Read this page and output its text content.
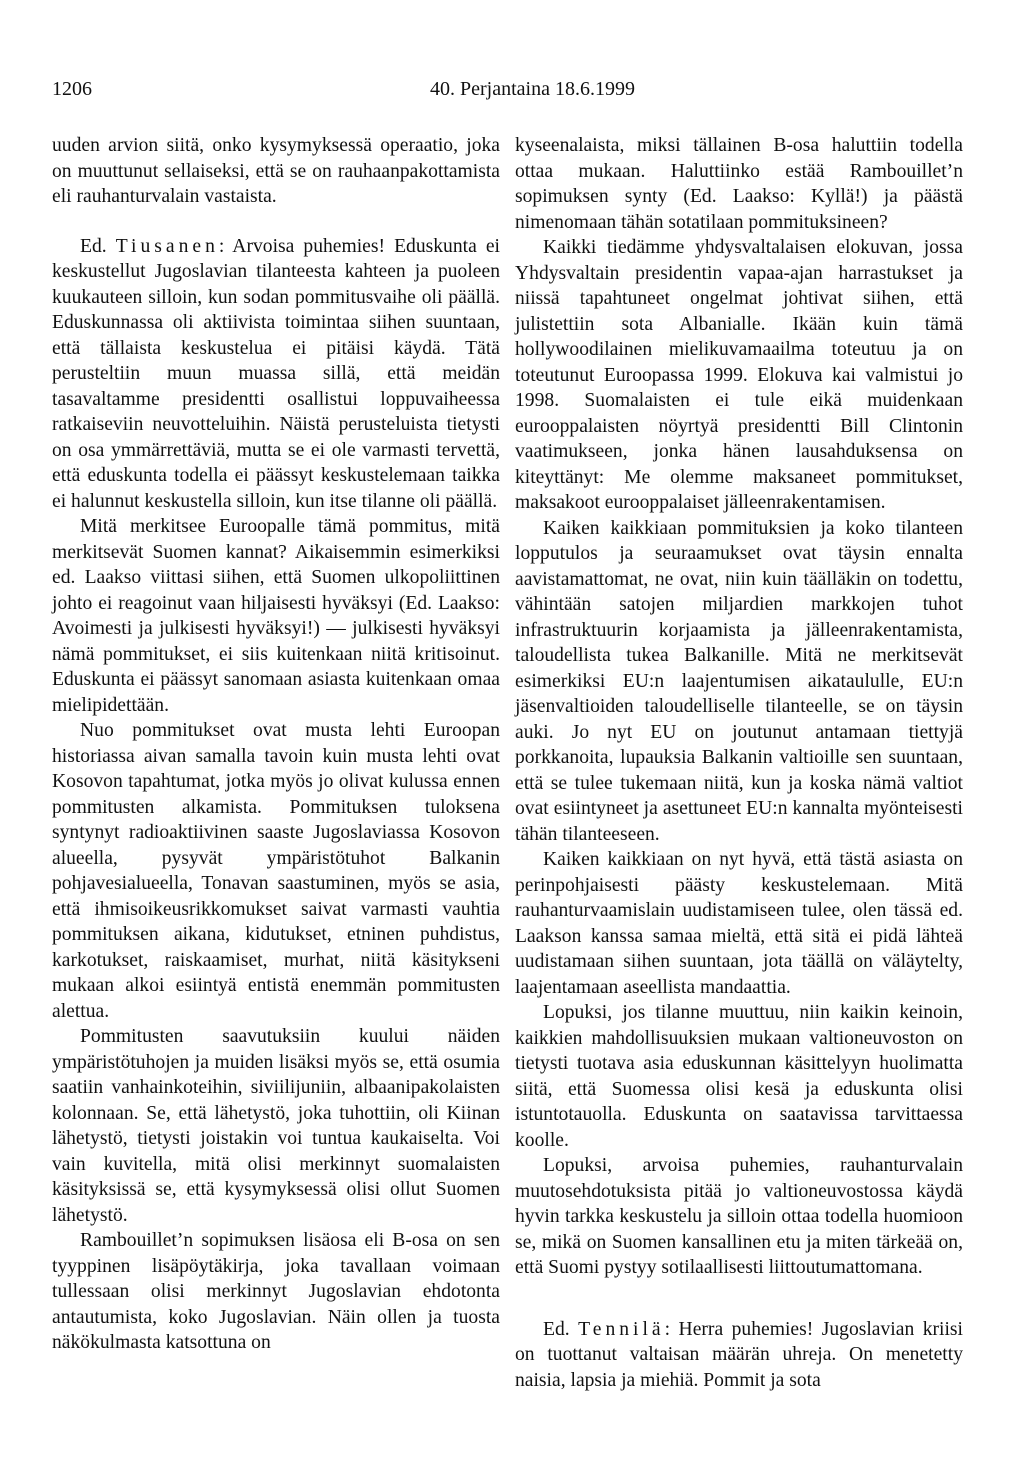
1206	40. Perjantaina 18.6.1999

uuden arvion siitä, onko kysymyksessä operaatio, joka on muuttunut sellaiseksi, että se on rauhaanpakottamista eli rauhanturvalain vastaista.

Ed. Tiusanen: Arvoisa puhemies! Eduskunta ei keskustellut Jugoslavian tilanteesta kahteen ja puoleen kuukauteen silloin, kun sodan pommitusvaihe oli päällä. Eduskunnassa oli aktiivista toimintaa siihen suuntaan, että tällaista keskustelua ei pitäisi käydä. Tätä perusteltiin muun muassa sillä, että meidän tasavaltamme presidentti osallistui loppuvaiheessa ratkaiseviin neuvotteluihin. Näistä perusteluista tietysti on osa ymmärrettäviä, mutta se ei ole varmasti tervettä, että eduskunta todella ei päässyt keskustelemaan taikka ei halunnut keskustella silloin, kun itse tilanne oli päällä.

Mitä merkitsee Euroopalle tämä pommitus, mitä merkitsevät Suomen kannat? Aikaisemmin esimerkiksi ed. Laakso viittasi siihen, että Suomen ulkopoliittinen johto ei reagoinut vaan hiljaisesti hyväksyi (Ed. Laakso: Avoimesti ja julkisesti hyväksyi!) — julkisesti hyväksyi nämä pommitukset, ei siis kuitenkaan niitä kritisoinut. Eduskunta ei päässyt sanomaan asiasta kuitenkaan omaa mielipidettään.

Nuo pommitukset ovat musta lehti Euroopan historiassa aivan samalla tavoin kuin musta lehti ovat Kosovon tapahtumat, jotka myös jo olivat kulussa ennen pommitusten alkamista. Pommituksen tuloksena syntynyt radioaktiivinen saaste Jugoslaviassa Kosovon alueella, pysyvät ympäristötuhot Balkanin pohjavesialueella, Tonavan saastuminen, myös se asia, että ihmisoikeusrikkomukset saivat varmasti vauhtia pommituksen aikana, kidutukset, etninen puhdistus, karkotukset, raiskaamiset, murhat, niitä käsitykseni mukaan alkoi esiintyä entistä enemmän pommitusten alettua.

Pommitusten saavutuksiin kuului näiden ympäristötuhojen ja muiden lisäksi myös se, että osumia saatiin vanhainkoteihin, siviilijuniin, albaanipakolaisten kolonnaan. Se, että lähetystö, joka tuhottiin, oli Kiinan lähetystö, tietysti joistakin voi tuntua kaukaiselta. Voi vain kuvitella, mitä olisi merkinnyt suomalaisten käsityksissä se, että kysymyksessä olisi ollut Suomen lähetystö.

Rambouillet’n sopimuksen lisäosa eli B-osa on sen tyyppinen lisäpöytäkirja, joka tavallaan voimaan tullessaan olisi merkinnyt Jugoslavian ehdotonta antautumista, koko Jugoslavian. Näin ollen ja tuosta näkökulmasta katsottuna on

kyseenalaista, miksi tällainen B-osa haluttiin todella ottaa mukaan. Haluttiinko estää Rambouillet’n sopimuksen synty (Ed. Laakso: Kyllä!) ja päästä nimenomaan tähän sotatilaan pommituksineen?

Kaikki tiedämme yhdysvaltalaisen elokuvan, jossa Yhdysvaltain presidentin vapaa-ajan harrastukset ja niissä tapahtuneet ongelmat johtivat siihen, että julistettiin sota Albanialle. Ikään kuin tämä hollywoodilainen mielikuvamaailma toteutuu ja on toteutunut Euroopassa 1999. Elokuva kai valmistui jo 1998. Suomalaisten ei tule eikä muidenkaan eurooppalaisten nöyrtyä presidentti Bill Clintonin vaatimukseen, jonka hänen lausahduksensa on kiteyttänyt: Me olemme maksaneet pommitukset, maksakoot eurooppalaiset jälleenrakentamisen.

Kaiken kaikkiaan pommituksien ja koko tilanteen lopputulos ja seuraamukset ovat täysin ennalta aavistamattomat, ne ovat, niin kuin täälläkin on todettu, vähintään satojen miljardien markkojen tuhot infrastruktuurin korjaamista ja jälleenrakentamista, taloudellista tukea Balkanille. Mitä ne merkitsevät esimerkiksi EU:n laajentumisen aikataululle, EU:n jäsenvaltioiden taloudelliselle tilanteelle, se on täysin auki. Jo nyt EU on joutunut antamaan tiettyjä porkkanoita, lupauksia Balkanin valtioille sen suuntaan, että se tulee tukemaan niitä, kun ja koska nämä valtiot ovat esiintyneet ja asettuneet EU:n kannalta myönteisesti tähän tilanteeseen.

Kaiken kaikkiaan on nyt hyvä, että tästä asiasta on perinpohjaisesti päästy keskustelemaan. Mitä rauhanturvaamislain uudistamiseen tulee, olen tässä ed. Laakson kanssa samaa mieltä, että sitä ei pidä lähteä uudistamaan siihen suuntaan, jota täällä on väläytelty, laajentamaan aseellista mandaattia.

Lopuksi, jos tilanne muuttuu, niin kaikin keinoin, kaikkien mahdollisuuksien mukaan valtioneuvoston on tietysti tuotava asia eduskunnan käsittelyyn huolimatta siitä, että Suomessa olisi kesä ja eduskunta olisi istuntotauolla. Eduskunta on saatavissa tarvittaessa koolle.

Lopuksi, arvoisa puhemies, rauhanturvalain muutosehdotuksista pitää jo valtioneuvostossa käydä hyvin tarkka keskustelu ja silloin ottaa todella huomioon se, mikä on Suomen kansallinen etu ja miten tärkeää on, että Suomi pystyy sotilaallisesti liittoutumattomana.

Ed. Tennilä: Herra puhemies! Jugoslavian kriisi on tuottanut valtaisan määrän uhreja. On menetetty naisia, lapsia ja miehiä. Pommit ja sota
